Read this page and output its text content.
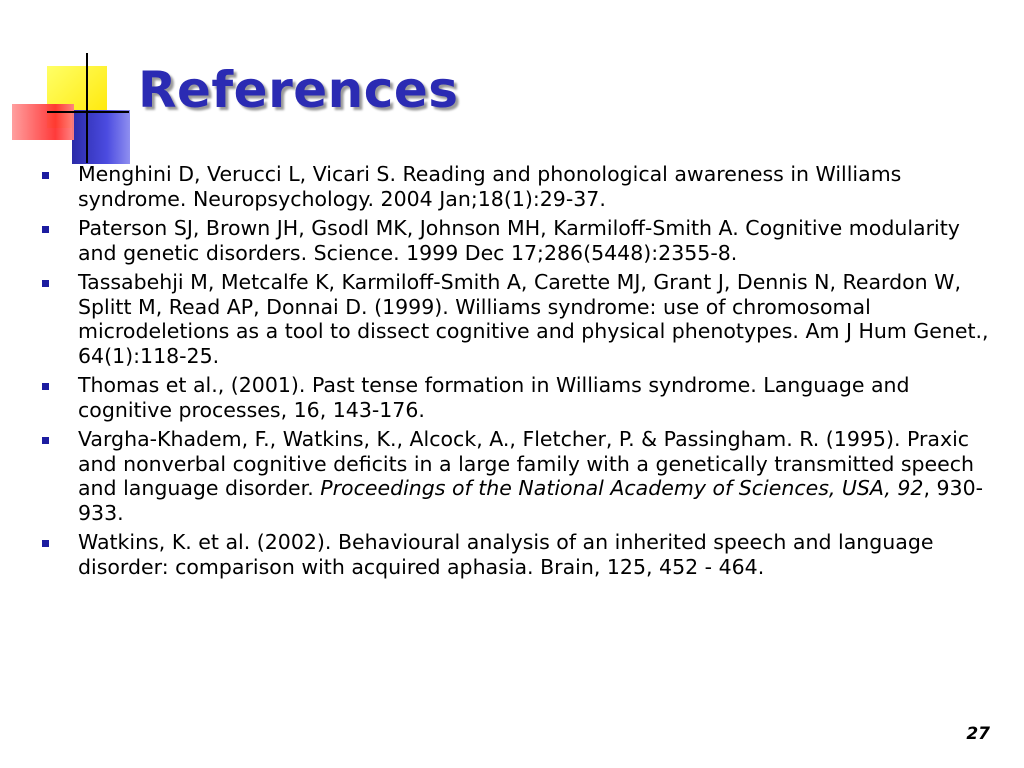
References
Menghini D, Verucci L, Vicari S. Reading and phonological awareness in Williams syndrome. Neuropsychology. 2004 Jan;18(1):29-37.
Paterson SJ, Brown JH, Gsodl MK, Johnson MH, Karmiloff-Smith A. Cognitive modularity and genetic disorders. Science. 1999 Dec 17;286(5448):2355-8.
Tassabehji M, Metcalfe K, Karmiloff-Smith A, Carette MJ, Grant J, Dennis N, Reardon W, Splitt M, Read AP, Donnai D. (1999). Williams syndrome: use of chromosomal microdeletions as a tool to dissect cognitive and physical phenotypes. Am J Hum Genet., 64(1):118-25.
Thomas et al., (2001). Past tense formation in Williams syndrome. Language and cognitive processes, 16, 143-176.
Vargha-Khadem, F., Watkins, K., Alcock, A., Fletcher, P. & Passingham. R. (1995). Praxic and nonverbal cognitive deficits in a large family with a genetically transmitted speech and language disorder. Proceedings of the National Academy of Sciences, USA, 92, 930-933.
Watkins, K. et al. (2002). Behavioural analysis of an inherited speech and language disorder: comparison with acquired aphasia. Brain, 125, 452 - 464.
27
